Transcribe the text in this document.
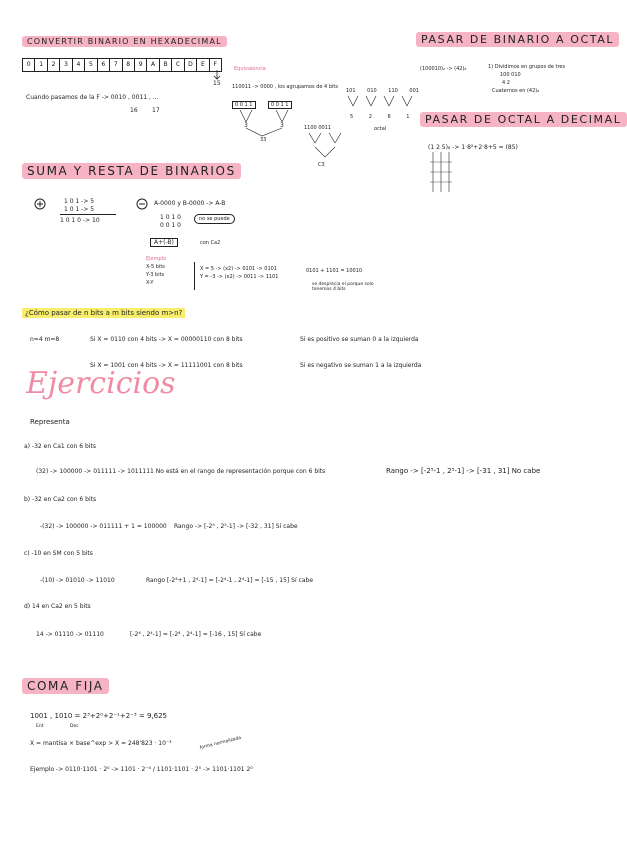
CONVERTIR BINARIO EN HEXADECIMAL
0	1	2	3	4	5	6	7	8	9	A	B	C	D	E	F
Equivalencia
15
Cuando pasamos de la F -> 0010 , 0011 , ...
16 17
110011 -> 0000 , los agrupamos de 4 bits
0 0 1 1	0 0 1 1
3	3
33
1100 0011
C3
101 010 110 001
5 2 6 1
octal
PASAR DE BINARIO A OCTAL
(100010)₂ -> (42)₈	1) Dividimos en grupos de tres
100 010
4 2
Cuaternos en (42)₈
PASAR DE OCTAL A DECIMAL
(1 2 5)₈ -> 1·8²+2·8+5 = (85)
SUMA Y RESTA DE BINARIOS
1 0 1 -> 5
1 0 1 -> 5
1 0 1 0 -> 10
A-0000 y B-0000 -> A-B
1 0 1 0
0 0 1 0
no se puede
A+(-B)	con Ca2
Ejemplo
X-5 bits
Y-3 bits
X-Y
X = 5 -> (x2) -> 0101 -> 0101
Y = -3 -> (x2) -> 0011 -> 1101
0101 + 1101 = 10010
se desprecia el porque solo tenemos 4 bits
¿Cómo pasar de n bits a m bits siendo m>n?
n=4 m=8	Si X = 0110 con 4 bits -> X = 00000110 con 8 bits	Si es positivo se suman 0 a la izquierda
Si X = 1001 con 4 bits -> X = 11111001 con 8 bits	Si es negativo se suman 1 a la izquierda
Ejercicios
Representa
a) -32 en Ca1 con 6 bits
(32) -> 100000 -> 011111 -> 1011111 No está en el rango de representación porque con 6 bits	Rango -> [-2⁵-1 , 2⁵-1] -> [-31 , 31] No cabe
b) -32 en Ca2 con 6 bits
-(32) -> 100000 -> 011111 + 1 = 100000 Rango -> [-2⁵ , 2⁵-1] -> [-32 , 31] Sí cabe
c) -10 en SM con 5 bits
-(10) -> 01010 -> 11010	Rango [-2⁴+1 , 2⁴-1] = [-2⁴-1 , 2⁴-1] = [-15 , 15] Sí cabe
d) 14 en Ca2 en 5 bits
14 -> 01110 -> 01110	[-2⁴ , 2⁴-1] = [-2⁴ , 2⁴-1] = [-16 , 15] Sí cabe
COMA FIJA
1001 , 1010 = 2³+2⁰+2⁻¹+2⁻³ = 9,625
Ent	Dec
X = mantisa × base^exp > X = 248'823 · 10⁻³	forma normalizada
Ejemplo -> 0110·1101 · 2⁰ -> 1101 · 2⁻⁴ / 1101·1101 · 2⁰ -> 1101·1101 2⁰
